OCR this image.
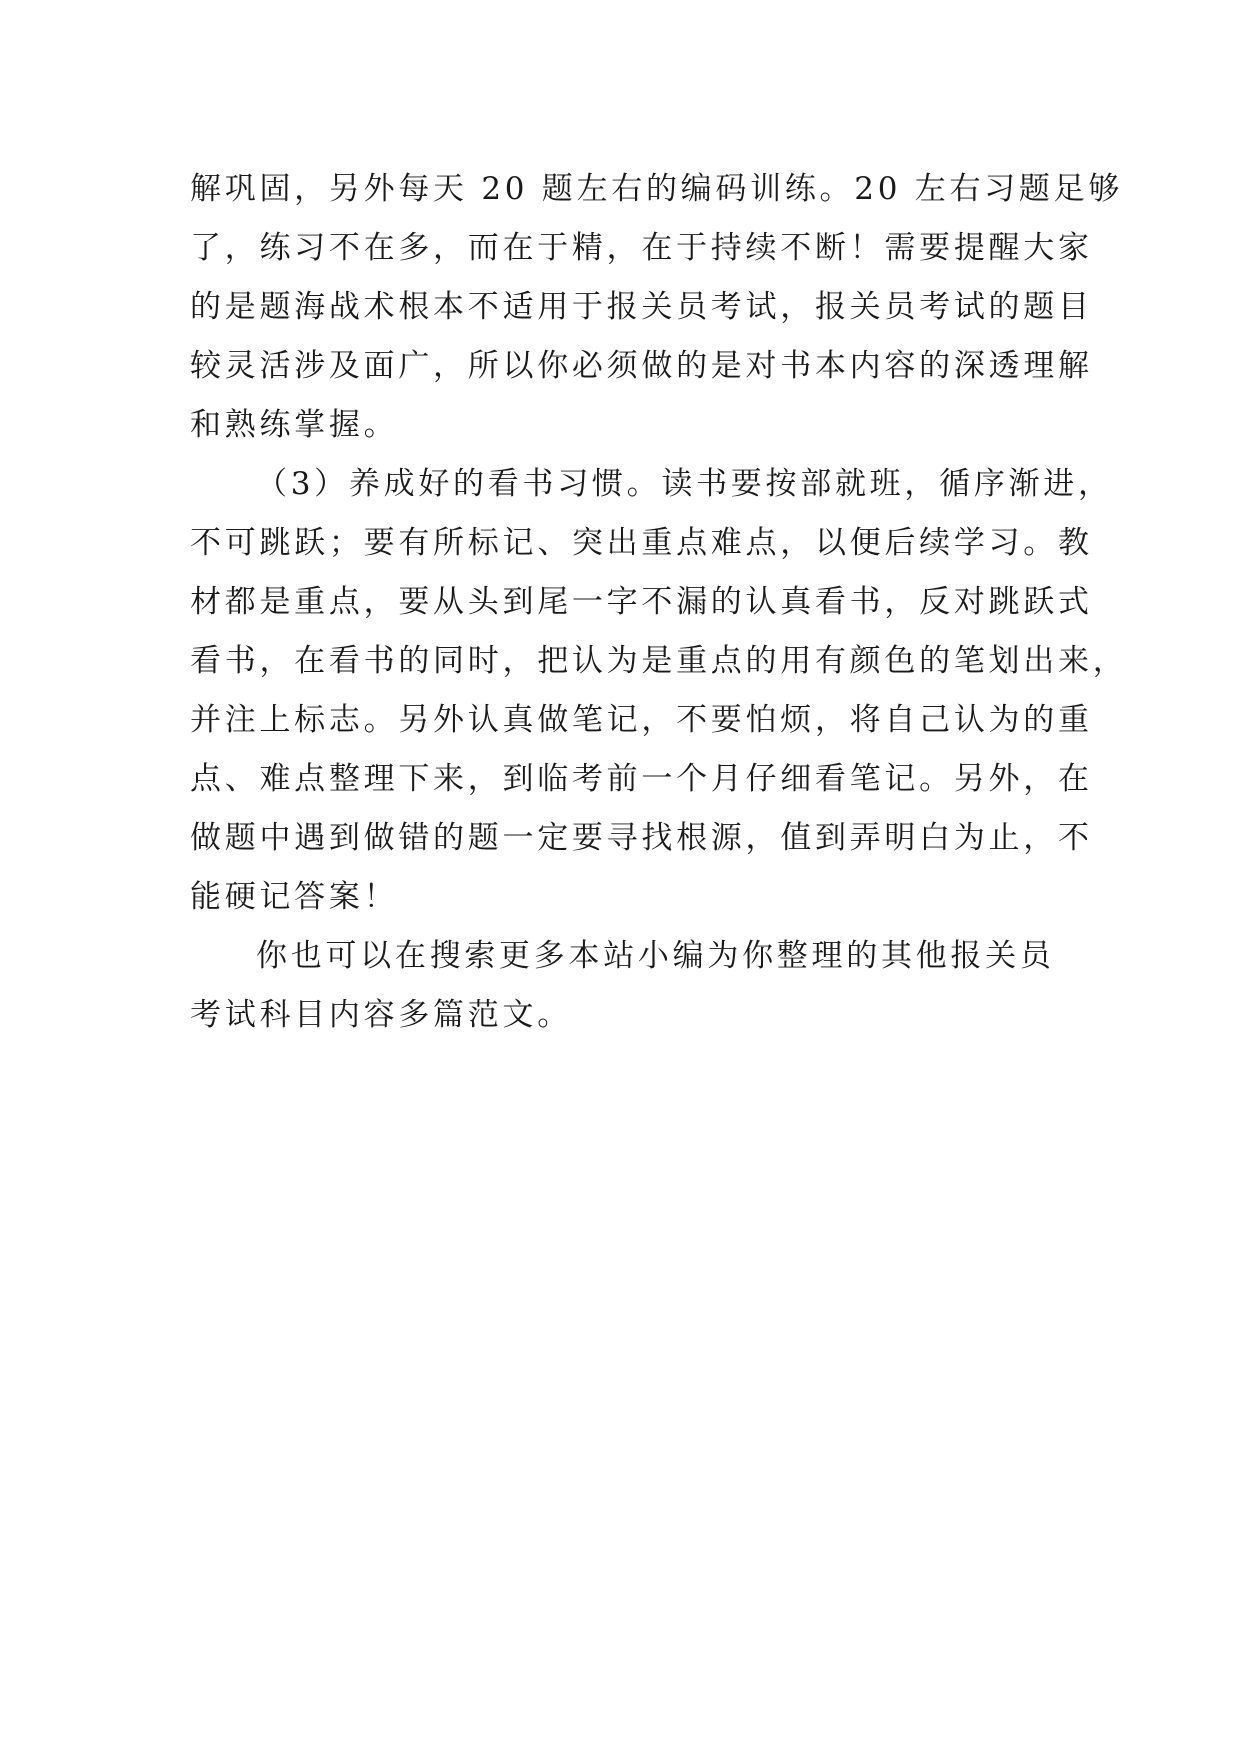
解巩固，另外每天 20 题左右的编码训练。20 左右习题足够
了，练习不在多，而在于精，在于持续不断！需要提醒大家
的是题海战术根本不适用于报关员考试，报关员考试的题目
较灵活涉及面广，所以你必须做的是对书本内容的深透理解
和熟练掌握。
（3）养成好的看书习惯。读书要按部就班，循序渐进，
不可跳跃；要有所标记、突出重点难点，以便后续学习。教
材都是重点，要从头到尾一字不漏的认真看书，反对跳跃式
看书，在看书的同时，把认为是重点的用有颜色的笔划出来，
并注上标志。另外认真做笔记，不要怕烦，将自己认为的重
点、难点整理下来，到临考前一个月仔细看笔记。另外，在
做题中遇到做错的题一定要寻找根源，值到弄明白为止，不
能硬记答案！
你也可以在搜索更多本站小编为你整理的其他报关员
考试科目内容多篇范文。
